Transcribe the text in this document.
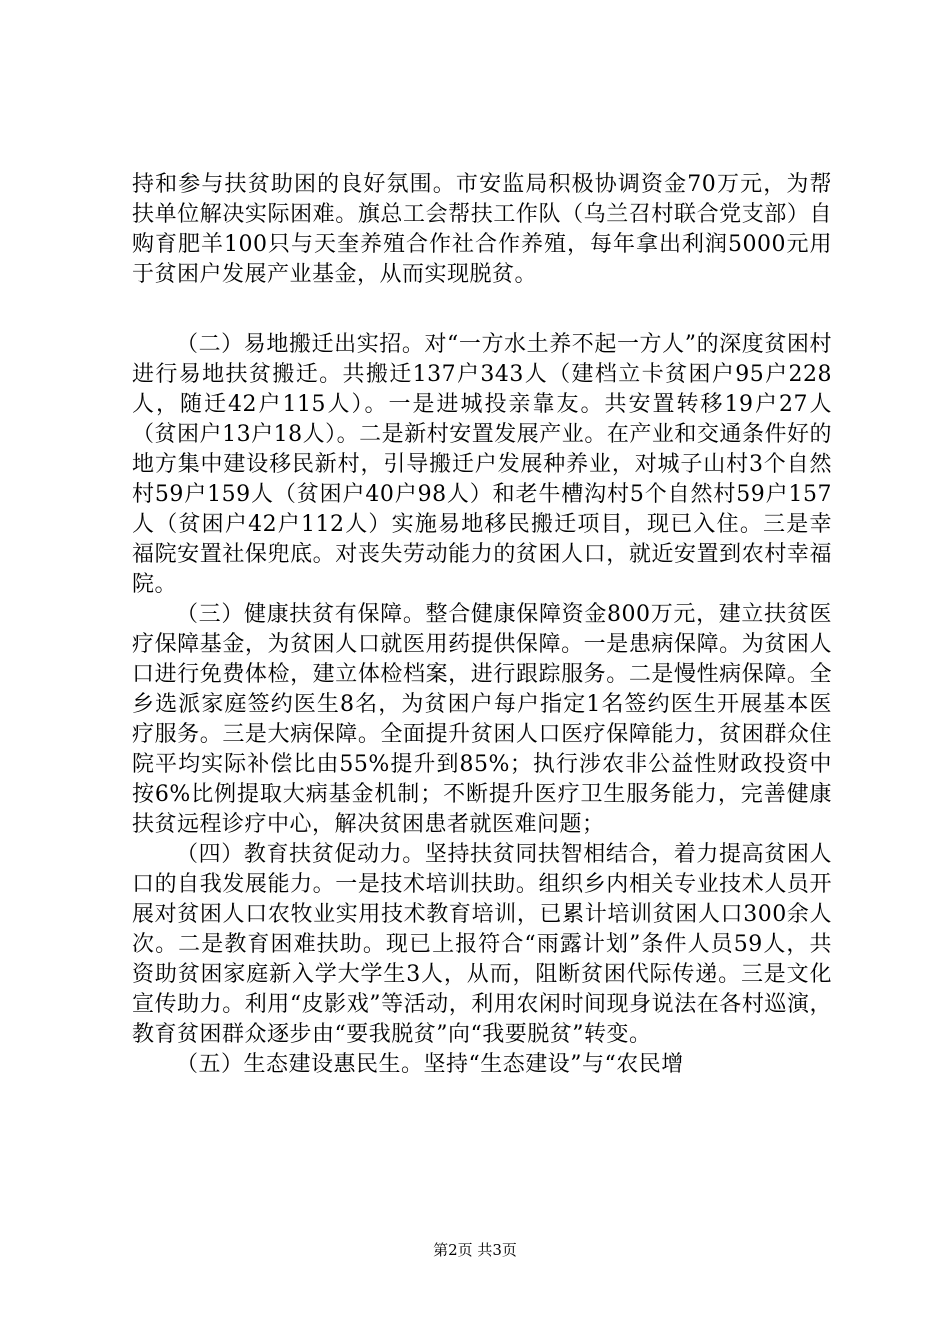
持和参与扶贫助困的良好氛围。市安监局积极协调资金70万元，为帮扶单位解决实际困难。旗总工会帮扶工作队（乌兰召村联合党支部）自购育肥羊100只与天奎养殖合作社合作养殖，每年拿出利润5000元用于贫困户发展产业基金，从而实现脱贫。

（二）易地搬迁出实招。对“一方水土养不起一方人”的深度贫困村进行易地扶贫搬迁。共搬迁137户343人（建档立卡贫困户95户228人，随迁42户115人）。一是进城投亲靠友。共安置转移19户27人（贫困户13户18人）。二是新村安置发展产业。在产业和交通条件好的地方集中建设移民新村，引导搬迁户发展种养业，对城子山村3个自然村59户159人（贫困户40户98人）和老牛槽沟村5个自然村59户157人（贫困户42户112人）实施易地移民搬迁项目，现已入住。三是幸福院安置社保兜底。对丧失劳动能力的贫困人口，就近安置到农村幸福院。

（三）健康扶贫有保障。整合健康保障资金800万元，建立扶贫医疗保障基金，为贫困人口就医用药提供保障。一是患病保障。为贫困人口进行免费体检，建立体检档案，进行跟踪服务。二是慢性病保障。全乡选派家庭签约医生8名，为贫困户每户指定1名签约医生开展基本医疗服务。三是大病保障。全面提升贫困人口医疗保障能力，贫困群众住院平均实际补偿比由55%提升到85%；执行涉农非公益性财政投资中按6%比例提取大病基金机制；不断提升医疗卫生服务能力，完善健康扶贫远程诊疗中心，解决贫困患者就医难问题；

（四）教育扶贫促动力。坚持扶贫同扶智相结合，着力提高贫困人口的自我发展能力。一是技术培训扶助。组织乡内相关专业技术人员开展对贫困人口农牧业实用技术教育培训，已累计培训贫困人口300余人次。二是教育困难扶助。现已上报符合“雨露计划”条件人员59人，共资助贫困家庭新入学大学生3人，从而，阻断贫困代际传递。三是文化宣传助力。利用“皮影戏”等活动，利用农闲时间现身说法在各村巡演，教育贫困群众逐步由“要我脱贫”向“我要脱贫”转变。

（五）生态建设惠民生。坚持“生态建设”与“农民增

第2页 共3页
